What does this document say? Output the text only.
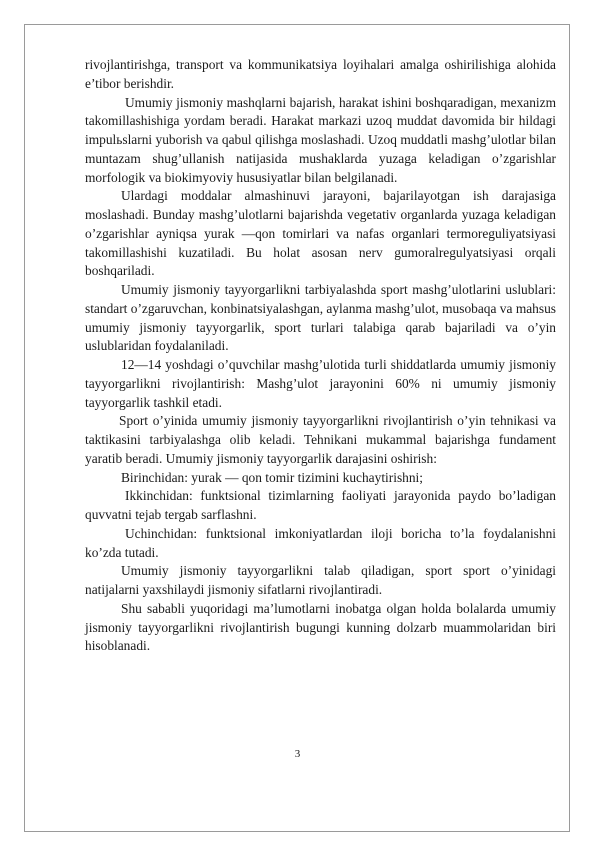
rivojlantirishga, transport va kommunikatsiya loyihalari amalga oshirilishiga alohida e’tibor berishdir.

Umumiy jismoniy mashqlarni bajarish, harakat ishini boshqaradigan, mexanizm takomillashishiga yordam beradi. Harakat markazi uzoq muddat davomida bir hildagi impulьslarni yuborish va qabul qilishga moslashadi. Uzoq muddatli mashg’ulotlar bilan muntazam shug’ullanish natijasida mushaklarda yuzaga keladigan o’zgarishlar morfologik va biokimyoviy hususiyatlar bilan belgilanadi.

Ulardagi moddalar almashinuvi jarayoni, bajarilayotgan ish darajasiga moslashadi. Bunday mashg’ulotlarni bajarishda vegetativ organlarda yuzaga keladigan o’zgarishlar ayniqsa yurak —qon tomirlari va nafas organlari termoreguliyatsiyasi takomillashishi kuzatiladi. Bu holat asosan nerv gumoralregulyatsiyasi orqali boshqariladi.

Umumiy jismoniy tayyorgarlikni tarbiyalashda sport mashg’ulotlarini uslublari: standart o’zgaruvchan, konbinatsiyalashgan, aylanma mashg’ulot, musobaqa va mahsus umumiy jismoniy tayyorgarlik, sport turlari talabiga qarab bajariladi va o’yin uslublaridan foydalaniladi.

12—14 yoshdagi o’quvchilar mashg’ulotida turli shiddatlarda umumiy jismoniy tayyorgarlikni rivojlantirish: Mashg’ulot jarayonini 60% ni umumiy jismoniy tayyorgarlik tashkil etadi.

Sport o’yinida umumiy jismoniy tayyorgarlikni rivojlantirish o’yin tehnikasi va taktikasini tarbiyalashga olib keladi. Tehnikani mukammal bajarishga fundament yaratib beradi. Umumiy jismoniy tayyorgarlik darajasini oshirish:

Birinchidan: yurak — qon tomir tizimini kuchaytirishni;

Ikkinchidan: funktsional tizimlarning faoliyati jarayonida paydo bo’ladigan quvvatni tejab tergab sarflashni.

Uchinchidan: funktsional imkoniyatlardan iloji boricha to’la foydalanishni ko’zda tutadi.

Umumiy jismoniy tayyorgarlikni talab qiladigan, sport sport o’yinidagi natijalarni yaxshilaydi jismoniy sifatlarni rivojlantiradi.

Shu sababli yuqoridagi ma’lumotlarni inobatga olgan holda bolalarda umumiy jismoniy tayyorgarlikni rivojlantirish bugungi kunning dolzarb muammolaridan biri hisoblanadi.

3
